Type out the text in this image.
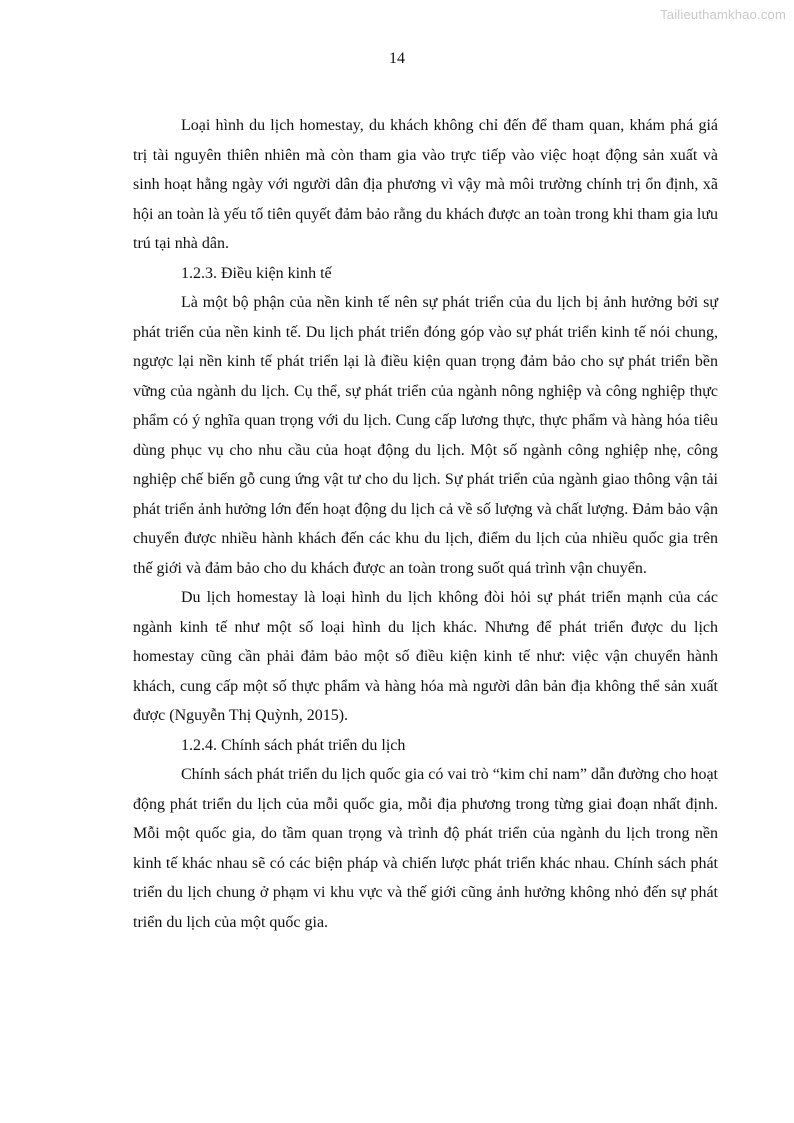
Tailieuthamkhao.com
14

Loại hình du lịch homestay, du khách không chỉ đến để tham quan, khám phá giá trị tài nguyên thiên nhiên mà còn tham gia vào trực tiếp vào việc hoạt động sản xuất và sinh hoạt hằng ngày với người dân địa phương vì vậy mà môi trường chính trị ổn định, xã hội an toàn là yếu tố tiên quyết đảm bảo rằng du khách được an toàn trong khi tham gia lưu trú tại nhà dân.

1.2.3. Điều kiện kinh tế

Là một bộ phận của nền kinh tế nên sự phát triển của du lịch bị ảnh hưởng bởi sự phát triển của nền kinh tế. Du lịch phát triển đóng góp vào sự phát triển kinh tế nói chung, ngược lại nền kinh tế phát triển lại là điều kiện quan trọng đảm bảo cho sự phát triển bền vững của ngành du lịch. Cụ thể, sự phát triển của ngành nông nghiệp và công nghiệp thực phẩm có ý nghĩa quan trọng với du lịch. Cung cấp lương thực, thực phẩm và hàng hóa tiêu dùng phục vụ cho nhu cầu của hoạt động du lịch. Một số ngành công nghiệp nhẹ, công nghiệp chế biến gỗ cung ứng vật tư cho du lịch. Sự phát triển của ngành giao thông vận tải phát triển ảnh hưởng lớn đến hoạt động du lịch cả về số lượng và chất lượng. Đảm bảo vận chuyển được nhiều hành khách đến các khu du lịch, điểm du lịch của nhiều quốc gia trên thế giới và đảm bảo cho du khách được an toàn trong suốt quá trình vận chuyển.

Du lịch homestay là loại hình du lịch không đòi hỏi sự phát triển mạnh của các ngành kinh tế như một số loại hình du lịch khác. Nhưng để phát triển được du lịch homestay cũng cần phải đảm bảo một số điều kiện kinh tế như: việc vận chuyển hành khách, cung cấp một số thực phẩm và hàng hóa mà người dân bản địa không thể sản xuất được (Nguyễn Thị Quỳnh, 2015).

1.2.4. Chính sách phát triển du lịch

Chính sách phát triển du lịch quốc gia có vai trò “kim chỉ nam” dẫn đường cho hoạt động phát triển du lịch của mỗi quốc gia, mỗi địa phương trong từng giai đoạn nhất định. Mỗi một quốc gia, do tầm quan trọng và trình độ phát triển của ngành du lịch trong nền kinh tế khác nhau sẽ có các biện pháp và chiến lược phát triển khác nhau. Chính sách phát triển du lịch chung ở phạm vi khu vực và thế giới cũng ảnh hưởng không nhỏ đến sự phát triển du lịch của một quốc gia.
